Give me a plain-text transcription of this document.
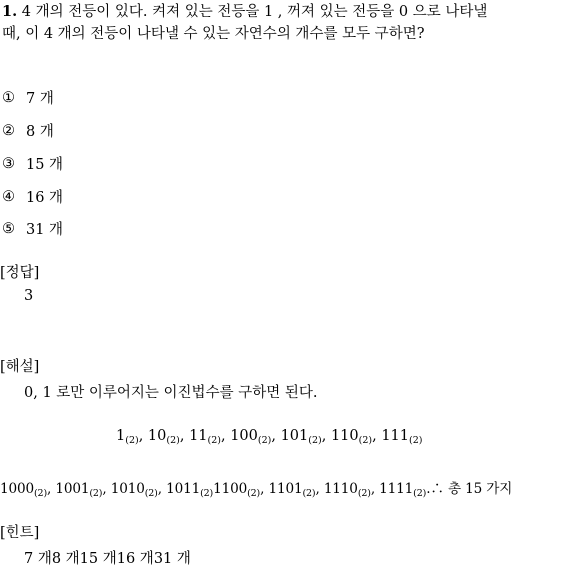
1. 4 개의 전등이 있다. 켜져 있는 전등을 1 , 꺼져 있는 전등을 0 으로 나타낼
때, 이 4 개의 전등이 나타낼 수 있는 자연수의 개수를 모두 구하면?
① 7 개
② 8 개
③ 15 개
④ 16 개
⑤ 31 개
[정답]
3
[해설]
0, 1 로만 이루어지는 이진법수를 구하면 된다.
$1_{(2)}$, $10_{(2)}$, $11_{(2)}$, $100_{(2)}$, $101_{(2)}$, $110_{(2)}$, $111_{(2)}$
$1000_{(2)}$, $1001_{(2)}$, $1010_{(2)}$, $1011_{(2)}1100_{(2)}$, $1101_{(2)}$, $1110_{(2)}$, $1111_{(2)}.\therefore$ 총 15 가지
[힌트]
7 개8 개15 개16 개31 개
